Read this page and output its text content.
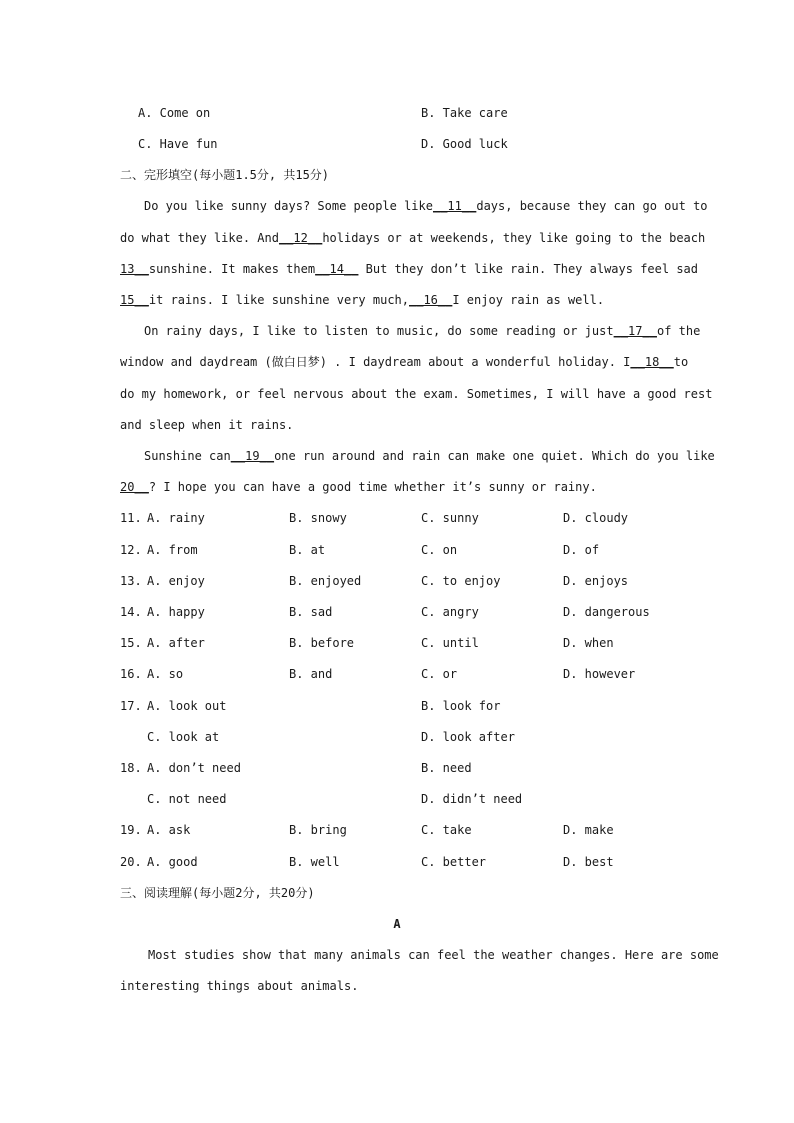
A. Come on	B. Take care
C. Have fun	D. Good luck
二、完形填空(每小题1.5分, 共15分)
Do you like sunny days? Some people like__11__days, because they can go out to
do what they like. And__12__holidays or at weekends, they like going to the beach
13__sunshine. It makes them__14__ But they don’t like rain. They always feel sad
15__it rains. I like sunshine very much,__16__I enjoy rain as well.
On rainy days, I like to listen to music, do some reading or just__17__of the
window and daydream (做白日梦) . I daydream about a wonderful holiday. I__18__to
do my homework, or feel nervous about the exam. Sometimes, I will have a good rest
and sleep when it rains.
Sunshine can__19__one run around and rain can make one quiet. Which do you like
20__? I hope you can have a good time whether it’s sunny or rainy.
11. A. rainy	B. snowy	C. sunny	D. cloudy
12. A. from	B. at	C. on	D. of
13. A. enjoy	B. enjoyed	C. to enjoy	D. enjoys
14. A. happy	B. sad	C. angry	D. dangerous
15. A. after	B. before	C. until	D. when
16. A. so	B. and	C. or	D. however
17. A. look out	B. look for
C. look at	D. look after
18. A. don’t need	B. need
C. not need	D. didn’t need
19. A. ask	B. bring	C. take	D. make
20. A. good	B. well	C. better	D. best
三、阅读理解(每小题2分, 共20分)
A
Most studies show that many animals can feel the weather changes. Here are some
interesting things about animals.
